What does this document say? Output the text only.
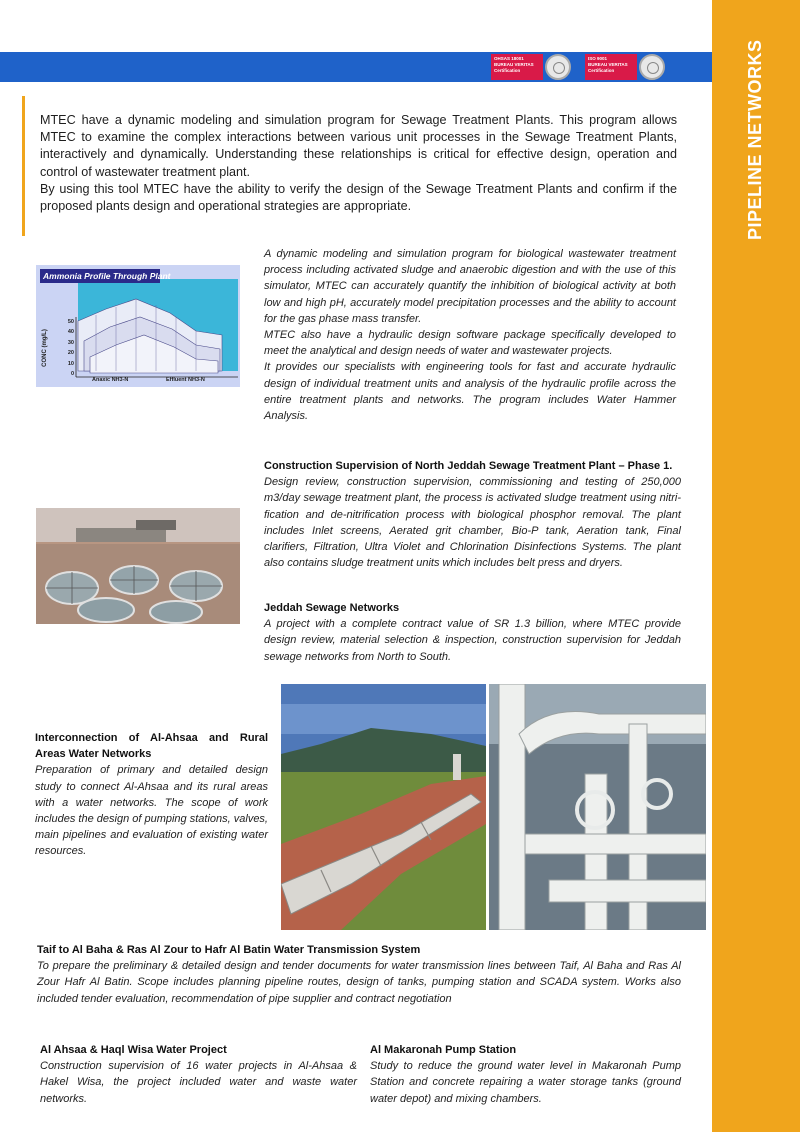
PIPELINE NETWORKS
OHSAS 18001
BUREAU VERITAS
Certification
ISO 9001
BUREAU VERITAS
Certification

MTEC have a dynamic modeling and simulation program for Sewage Treatment Plants. This program allows MTEC to examine the complex interactions between various unit processes in the Sewage Treatment Plants, interactively and dynamically. Understanding these relationships is critical for effective design, operation and control of wastewater treatment plant.

By using this tool MTEC have the ability to verify the design of the Sewage Treatment Plants and confirm if the proposed plants design and operational strategies are appropriate.

Ammonia Profile Through Plant
CONC (mg/L)
50
40
30
20
10
0
Anaxic NH3-N	Effluent NH3-N

A dynamic modeling and simulation program for biological wastewater treatment process including activated sludge and anaerobic digestion and with the use of this simulator, MTEC can accurately quantify the inhibition of biological activity at both low and high pH, accurately model precipitation processes and the ability to account for the gas phase mass transfer.

MTEC also have a hydraulic design software package specifically developed to meet the analytical and design needs of water and wastewater projects.

It provides our specialists with engineering tools for fast and accurate hydraulic design of individual treatment units and analysis of the hydraulic profile across the entire treatment plants and networks. The program includes Water Hammer Analysis.

Construction Supervision of North Jeddah Sewage Treatment Plant – Phase 1.

Design review, construction supervision, commissioning and testing of 250,000 m3/day sewage treatment plant, the process is activated sludge treatment using nitri-fication and de-nitrification process with biological phosphor removal. The plant includes Inlet screens, Aerated grit chamber, Bio-P tank, Aeration tank, Final clarifiers, Filtration, Ultra Violet and Chlorination Disinfections Systems. The plant also contains sludge treatment units which includes belt press and dryers.

Jeddah Sewage Networks

A project with a complete contract value of SR 1.3 billion, where MTEC provide design review, material selection & inspection, construction supervision for Jeddah sewage networks from North to South.

Interconnection of Al-Ahsaa and Rural Areas Water Networks

Preparation of primary and detailed design study to connect Al-Ahsaa and its rural areas with a water networks. The scope of work includes the design of pumping stations, valves, main pipelines and evaluation of existing water resources.

Taif to Al Baha & Ras Al Zour to Hafr Al Batin Water Transmission System

To prepare the preliminary & detailed design and tender documents for water transmission lines between Taif, Al Baha and Ras Al Zour Hafr Al Batin. Scope includes planning pipeline routes, design of tanks, pumping station and SCADA system. Works also included tender evaluation, recommendation of pipe supplier and contract negotiation

Al Ahsaa & Haql Wisa Water Project

Construction supervision of 16 water projects in Al-Ahsaa & Hakel Wisa, the project included water and waste water networks.

Al Makaronah Pump Station

Study to reduce the ground water level in Makaronah Pump Station and concrete repairing a water storage tanks (ground water depot) and mixing chambers.
